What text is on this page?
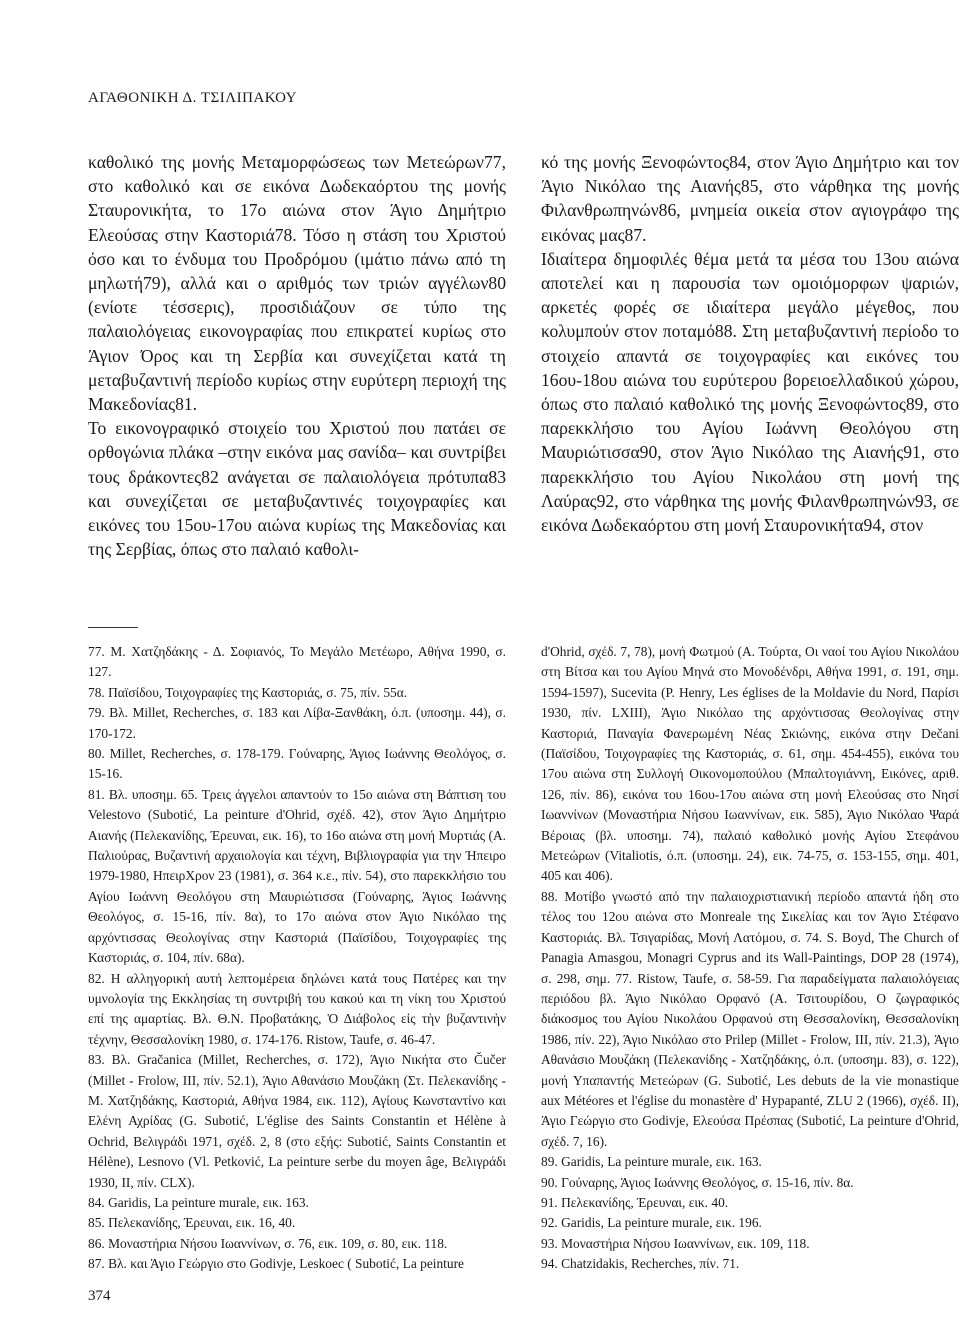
ΑΓΑΘΟΝΙΚΗ Δ. ΤΣΙΛΙΠΑΚΟΥ

καθολικό της μονής Μεταμορφώσεως των Μετεώρων77, στο καθολικό και σε εικόνα Δωδεκαόρτου της μονής Σταυρονικήτα, το 17ο αιώνα στον Άγιο Δημήτριο Ελεούσας στην Καστοριά78. Τόσο η στάση του Χριστού όσο και το ένδυμα του Προδρόμου (ιμάτιο πάνω από τη μηλωτή79), αλλά και ο αριθμός των τριών αγγέλων80 (ενίοτε τέσσερις), προσιδιάζουν σε τύπο της παλαιολόγειας εικονογραφίας που επικρατεί κυρίως στο Άγιον Όρος και τη Σερβία και συνεχίζεται κατά τη μεταβυζαντινή περίοδο κυρίως στην ευρύτερη περιοχή της Μακεδονίας81.

Το εικονογραφικό στοιχείο του Χριστού που πατάει σε ορθογώνια πλάκα –στην εικόνα μας σανίδα– και συντρίβει τους δράκοντες82 ανάγεται σε παλαιολόγεια πρότυπα83 και συνεχίζεται σε μεταβυζαντινές τοιχογραφίες και εικόνες του 15ου-17ου αιώνα κυρίως της Μακεδονίας και της Σερβίας, όπως στο παλαιό καθολι-

κό της μονής Ξενοφώντος84, στον Άγιο Δημήτριο και τον Άγιο Νικόλαο της Αιανής85, στο νάρθηκα της μονής Φιλανθρωπηνών86, μνημεία οικεία στον αγιογράφο της εικόνας μας87.

Ιδιαίτερα δημοφιλές θέμα μετά τα μέσα του 13ου αιώνα αποτελεί και η παρουσία των ομοιόμορφων ψαριών, αρκετές φορές σε ιδιαίτερα μεγάλο μέγεθος, που κολυμπούν στον ποταμό88. Στη μεταβυζαντινή περίοδο το στοιχείο απαντά σε τοιχογραφίες και εικόνες του 16ου-18ου αιώνα του ευρύτερου βορειοελλαδικού χώρου, όπως στο παλαιό καθολικό της μονής Ξενοφώντος89, στο παρεκκλήσιο του Αγίου Ιωάννη Θεολόγου στη Μαυριώτισσα90, στον Άγιο Νικόλαο της Αιανής91, στο παρεκκλήσιο του Αγίου Νικολάου στη μονή της Λαύρας92, στο νάρθηκα της μονής Φιλανθρωπηνών93, σε εικόνα Δωδεκαόρτου στη μονή Σταυρονικήτα94, στον

77. Μ. Χατζηδάκης - Δ. Σοφιανός, Το Μεγάλο Μετέωρο, Αθήνα 1990, σ. 127.

78. Παϊσίδου, Τοιχογραφίες της Καστοριάς, σ. 75, πίν. 55α.

79. Βλ. Millet, Recherches, σ. 183 και Λίβα-Ξανθάκη, ό.π. (υποσημ. 44), σ. 170-172.

80. Millet, Recherches, σ. 178-179. Γούναρης, Άγιος Ιωάννης Θεολόγος, σ. 15-16.

81. Βλ. υποσημ. 65. Τρεις άγγελοι απαντούν το 15ο αιώνα στη Βάπτιση του Velestovo (Subotić, La peinture d'Ohrid, σχέδ. 42), στον Άγιο Δημήτριο Αιανής (Πελεκανίδης, Έρευναι, εικ. 16), το 16ο αιώνα στη μονή Μυρτιάς (Α. Παλιούρας, Βυζαντινή αρχαιολογία και τέχνη, Βιβλιογραφία για την Ήπειρο 1979-1980, ΗπειρΧρον 23 (1981), σ. 364 κ.ε., πίν. 54), στο παρεκκλήσιο του Αγίου Ιωάννη Θεολόγου στη Μαυριώτισσα (Γούναρης, Άγιος Ιωάννης Θεολόγος, σ. 15-16, πίν. 8α), το 17ο αιώνα στον Άγιο Νικόλαο της αρχόντισσας Θεολογίνας στην Καστοριά (Παϊσίδου, Τοιχογραφίες της Καστοριάς, σ. 104, πίν. 68α).

82. Η αλληγορική αυτή λεπτομέρεια δηλώνει κατά τους Πατέρες και την υμνολογία της Εκκλησίας τη συντριβή του κακού και τη νίκη του Χριστού επί της αμαρτίας. Βλ. Θ.Ν. Προβατάκης, Ὁ Διάβολος εἰς τὴν βυζαντινὴν τέχνην, Θεσσαλονίκη 1980, σ. 174-176. Ristow, Taufe, σ. 46-47.

83. Βλ. Gračanica (Millet, Recherches, σ. 172), Άγιο Νικήτα στο Čučer (Millet - Frolow, III, πίν. 52.1), Άγιο Αθανάσιο Μουζάκη (Στ. Πελεκανίδης - Μ. Χατζηδάκης, Καστοριά, Αθήνα 1984, εικ. 112), Αγίους Κωνσταντίνο και Ελένη Αχρίδας (G. Subotić, L'église des Saints Constantin et Hélène à Ochrid, Βελιγράδι 1971, σχέδ. 2, 8 (στο εξής: Subotić, Saints Constantin et Hélène), Lesnovo (Vl. Petković, La peinture serbe du moyen âge, Βελιγράδι 1930, II, πίν. CLX).

84. Garidis, La peinture murale, εικ. 163.

85. Πελεκανίδης, Έρευναι, εικ. 16, 40.

86. Μοναστήρια Νήσου Ιωαννίνων, σ. 76, εικ. 109, σ. 80, εικ. 118.

87. Βλ. και Άγιο Γεώργιο στο Godivje, Leskoec ( Subotić, La peinture

d'Ohrid, σχέδ. 7, 78), μονή Φωτμού (Α. Τούρτα, Οι ναοί του Αγίου Νικολάου στη Βίτσα και του Αγίου Μηνά στο Μονοδένδρι, Αθήνα 1991, σ. 191, σημ. 1594-1597), Sucevita (P. Henry, Les églises de la Moldavie du Nord, Παρίσι 1930, πίν. LXIII), Άγιο Νικόλαο της αρχόντισσας Θεολογίνας στην Καστοριά, Παναγία Φανερωμένη Νέας Σκιώνης, εικόνα στην Dečani (Παϊσίδου, Τοιχογραφίες της Καστοριάς, σ. 61, σημ. 454-455), εικόνα του 17ου αιώνα στη Συλλογή Οικονομοπούλου (Μπαλτογιάννη, Εικόνες, αριθ. 126, πίν. 86), εικόνα του 16ου-17ου αιώνα στη μονή Ελεούσας στο Νησί Ιωαννίνων (Μοναστήρια Νήσου Ιωαννίνων, εικ. 585), Άγιο Νικόλαο Ψαρά Βέροιας (βλ. υποσημ. 74), παλαιό καθολικό μονής Αγίου Στεφάνου Μετεώρων (Vitaliotis, ό.π. (υποσημ. 24), εικ. 74-75, σ. 153-155, σημ. 401, 405 και 406).

88. Μοτίβο γνωστό από την παλαιοχριστιανική περίοδο απαντά ήδη στο τέλος του 12ου αιώνα στο Monreale της Σικελίας και τον Άγιο Στέφανο Καστοριάς. Βλ. Τσιγαρίδας, Μονή Λατόμου, σ. 74. S. Boyd, The Church of Panagia Amasgou, Monagri Cyprus and its Wall-Paintings, DOP 28 (1974), σ. 298, σημ. 77. Ristow, Taufe, σ. 58-59. Για παραδείγματα παλαιολόγειας περιόδου βλ. Άγιο Νικόλαο Ορφανό (Α. Τσιτουρίδου, Ο ζωγραφικός διάκοσμος του Αγίου Νικολάου Ορφανού στη Θεσσαλονίκη, Θεσσαλονίκη 1986, πίν. 22), Άγιο Νικόλαο στο Prilep (Millet - Frolow, III, πίν. 21.3), Άγιο Αθανάσιο Μουζάκη (Πελεκανίδης - Χατζηδάκης, ό.π. (υποσημ. 83), σ. 122), μονή Υπαπαντής Μετεώρων (G. Subotić, Les debuts de la vie monastique aux Météores et l'église du monastère d' Hypapanté, ZLU 2 (1966), σχέδ. II), Άγιο Γεώργιο στο Godivje, Ελεούσα Πρέσπας (Subotić, La peinture d'Ohrid, σχέδ. 7, 16).

89. Garidis, La peinture murale, εικ. 163.

90. Γούναρης, Άγιος Ιωάννης Θεολόγος, σ. 15-16, πίν. 8α.

91. Πελεκανίδης, Έρευναι, εικ. 40.

92. Garidis, La peinture murale, εικ. 196.

93. Μοναστήρια Νήσου Ιωαννίνων, εικ. 109, 118.

94. Chatzidakis, Recherches, πίν. 71.

374
